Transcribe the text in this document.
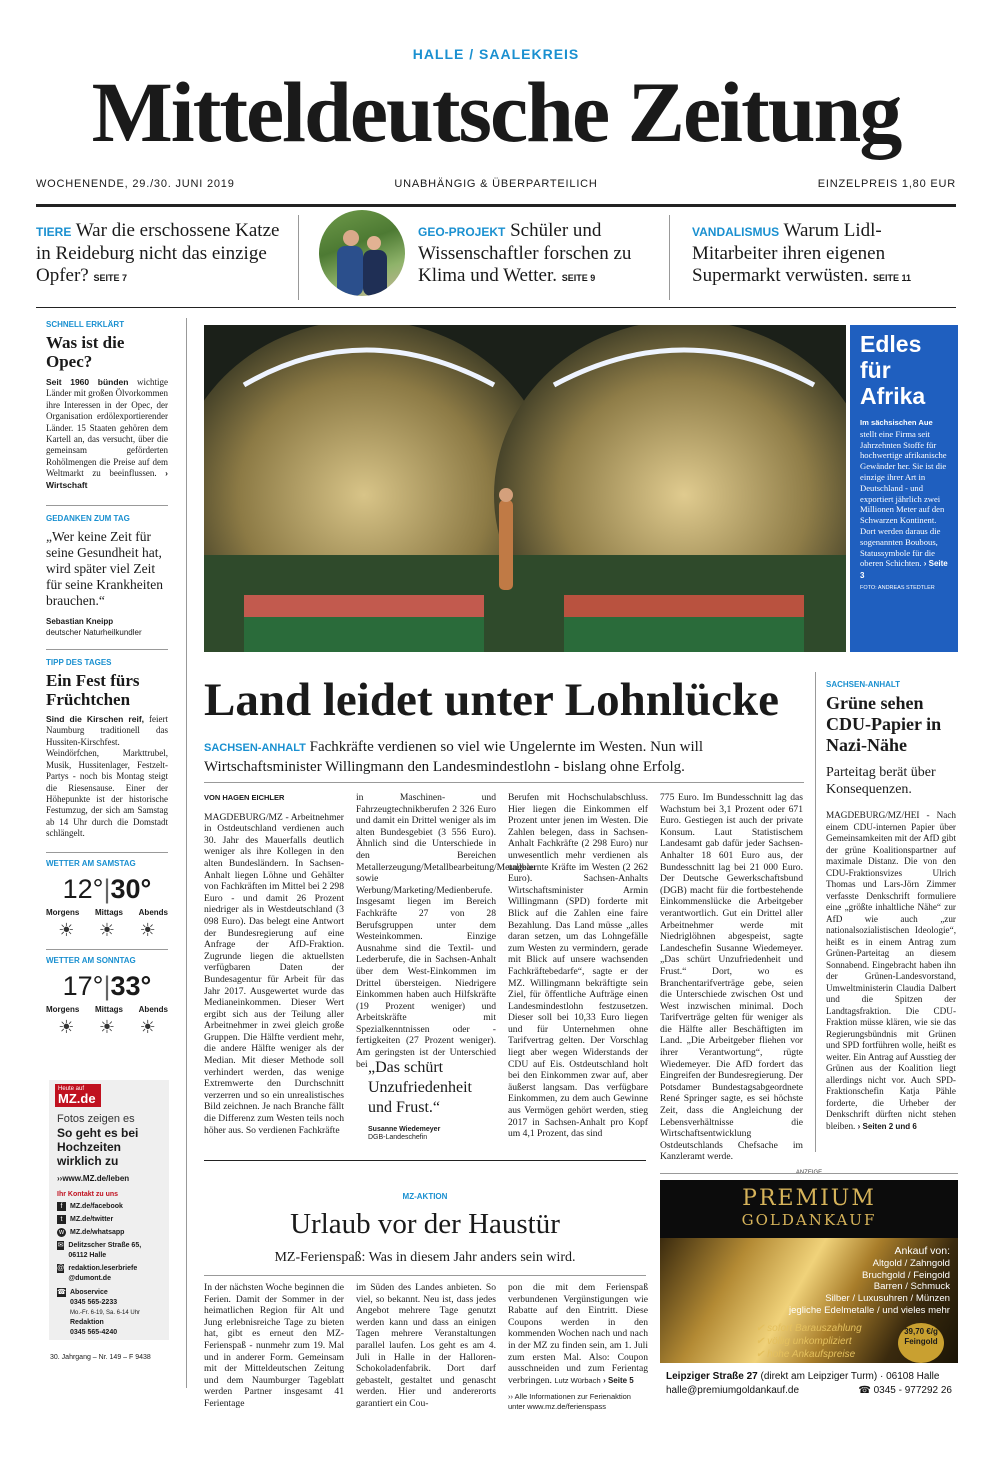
HALLE / SAALEKREIS
Mitteldeutsche Zeitung
WOCHENENDE, 29./30. JUNI 2019	UNABHÄNGIG & ÜBERPARTEILICH	EINZELPREIS 1,80 EUR
TIERE War die erschossene Katze in Reideburg nicht das einzige Opfer? SEITE 7
GEO-PROJEKT Schüler und Wissenschaftler forschen zu Klima und Wetter. SEITE 9
VANDALISMUS Warum Lidl-Mitarbeiter ihren eigenen Supermarkt verwüsten. SEITE 11
SCHNELL ERKLÄRT
Was ist die Opec?
Seit 1960 bünden wichtige Länder mit großen Ölvorkommen ihre Interessen in der Opec, der Organisation erdölexportierender Länder. 15 Staaten gehören dem Kartell an, das versucht, über die gemeinsam geförderten Rohölmengen die Preise auf dem Weltmarkt zu beeinflussen. › Wirtschaft
GEDANKEN ZUM TAG
„Wer keine Zeit für seine Gesundheit hat, wird später viel Zeit für seine Krankheiten brauchen.“
Sebastian Kneipp
deutscher Naturheilkundler
TIPP DES TAGES
Ein Fest fürs Früchtchen
Sind die Kirschen reif, feiert Naumburg traditionell das Hussiten-Kirschfest. Weindörfchen, Markttrubel, Musik, Hussitenlager, Festzelt-Partys - noch bis Montag steigt die Riesensause. Einer der Höhepunkte ist der historische Festumzug, der sich am Samstag ab 14 Uhr durch die Domstadt schlängelt.
WETTER AM SAMSTAG
12°|30°
Morgens Mittags Abends
☀ ☀ ☀
WETTER AM SONNTAG
17°|33°
Morgens Mittags Abends
☀ ☀ ☀
Heute auf
MZ.de
Fotos zeigen es
So geht es bei Hochzeiten wirklich zu
››www.MZ.de/leben
Ihr Kontakt zu uns
f	MZ.de/facebook
t	MZ.de/twitter
w MZ.de/whatsapp
✉ Delitzscher Straße 65, 06112 Halle
@ redaktion.leserbriefe @dumont.de
☎ Aboservice
0345 565-2233
Mo.-Fr. 6-19, Sa. 6-14 Uhr
Redaktion
0345 565-4240
30. Jahrgang – Nr. 149 – F 9438
Edles für Afrika
Im sächsischen Aue stellt eine Firma seit Jahrzehnten Stoffe für hochwertige afrikanische Gewänder her. Sie ist die einzige ihrer Art in Deutschland - und exportiert jährlich zwei Millionen Meter auf den Schwarzen Kontinent. Dort werden daraus die sogenannten Boubous, Statussymbole für die oberen Schichten. › Seite 3
FOTO: ANDREAS STEDTLER
Land leidet unter Lohnlücke
SACHSEN-ANHALT Fachkräfte verdienen so viel wie Ungelernte im Westen. Nun will Wirtschaftsminister Willingmann den Landesmindestlohn - bislang ohne Erfolg.
VON HAGEN EICHLER
MAGDEBURG/MZ - Arbeitnehmer in Ostdeutschland verdienen auch 30. Jahr des Mauerfalls deutlich weniger als ihre Kollegen in den alten Bundesländern. In Sachsen-Anhalt liegen Löhne und Gehälter von Fachkräften im Mittel bei 2 298 Euro - und damit 26 Prozent niedriger als in Westdeutschland (3 098 Euro). Das belegt eine Antwort der Bundesregierung auf eine Anfrage der AfD-Fraktion. Zugrunde liegen die aktuellsten verfügbaren Daten der Bundesagentur für Arbeit für das Jahr 2017. Ausgewertet wurde das Medianeinkommen. Dieser Wert ergibt sich aus der Teilung aller Arbeitnehmer in zwei gleich große Gruppen. Die Hälfte verdient mehr, die andere Hälfte weniger als der Median. Mit dieser Methode soll verhindert werden, das wenige Extremwerte den Durchschnitt verzerren und so ein unrealistisches Bild zeichnen. Je nach Branche fällt die Differenz zum Westen teils noch höher aus. So verdienen Fachkräfte
in Maschinen- und Fahrzeugtechnikberufen 2 326 Euro und damit ein Drittel weniger als im alten Bundesgebiet (3 556 Euro). Ähnlich sind die Unterschiede in den Bereichen Metallerzeugung/Metallbearbeitung/Metallbau sowie Werbung/Marketing/Medienberufe. Insgesamt liegen im Bereich Fachkräfte 27 von 28 Berufsgruppen unter dem Westeinkommen. Einzige Ausnahme sind die Textil- und Lederberufe, die in Sachsen-Anhalt über dem West-Einkommen im Drittel übersteigen. Niedrigere Einkommen haben auch Hilfskräfte (19 Prozent weniger) und Arbeitskräfte mit Spezialkenntnissen oder -fertigkeiten (27 Prozent weniger). Am geringsten ist der Unterschied bei „Das schürt Unzufriedenheit und Frust.“
Susanne Wiedemeyer
DGB-Landeschefin
Berufen mit Hochschulabschluss. Hier liegen die Einkommen elf Prozent unter jenen im Westen. Die Zahlen belegen, dass in Sachsen-Anhalt Fachkräfte (2 298 Euro) nur unwesentlich mehr verdienen als ungelernte Kräfte im Westen (2 262 Euro). Sachsen-Anhalts Wirtschaftsminister Armin Willingmann (SPD) forderte mit Blick auf die Zahlen eine faire Bezahlung. Das Land müsse „alles daran setzen, um das Lohngefälle zum Westen zu vermindern, gerade mit Blick auf unsere wachsenden Fachkräftebedarfe“, sagte er der MZ. Willingmann bekräftigte sein Ziel, für öffentliche Aufträge einen Landesmindestlohn festzusetzen. Dieser soll bei 10,33 Euro liegen und für Unternehmen ohne Tarifvertrag gelten. Der Vorschlag liegt aber wegen Widerstands der CDU auf Eis. Ostdeutschland holt bei den Einkommen zwar auf, aber äußerst langsam. Das verfügbare Einkommen, zu dem auch Gewinne aus Vermögen gehört werden, stieg 2017 in Sachsen-Anhalt pro Kopf um 4,1 Prozent, das sind
775 Euro. Im Bundesschnitt lag das Wachstum bei 3,1 Prozent oder 671 Euro. Gestiegen ist auch der private Konsum. Laut Statistischem Landesamt gab dafür jeder Sachsen-Anhalter 18 601 Euro aus, der Bundesschnitt lag bei 21 000 Euro. Der Deutsche Gewerkschaftsbund (DGB) macht für die fortbestehende Einkommenslücke die Arbeitgeber verantwortlich. Gut ein Drittel aller Arbeitnehmer werde mit Niedriglöhnen abgespeist, sagte Landeschefin Susanne Wiedemeyer. „Das schürt Unzufriedenheit und Frust.“ Dort, wo es Branchentarifverträge gebe, seien die Unterschiede zwischen Ost und West inzwischen minimal. Doch Tarifverträge gelten für weniger als die Hälfte aller Beschäftigten im Land. „Die Arbeitgeber fliehen vor ihrer Verantwortung“, rügte Wiedemeyer. Die AfD fordert das Eingreifen der Bundesregierung. Der Potsdamer Bundestagsabgeordnete René Springer sagte, es sei höchste Zeit, dass die Angleichung der Lebensverhältnisse die Wirtschaftsentwicklung Ostdeutschlands Chefsache im Kanzleramt werde.
SACHSEN-ANHALT
Grüne sehen CDU-Papier in Nazi-Nähe
Parteitag berät über Konsequenzen.
MAGDEBURG/MZ/HEI - Nach einem CDU-internen Papier über Gemeinsamkeiten mit der AfD gibt der grüne Koalitionspartner auf maximale Distanz. Die von den CDU-Fraktionsvizes Ulrich Thomas und Lars-Jörn Zimmer verfasste Denkschrift formuliere eine „größte inhaltliche Nähe“ zur AfD wie auch „zur nationalsozialistischen Ideologie“, heißt es in einem Antrag zum Grünen-Parteitag an diesem Sonnabend. Eingebracht haben ihn der Grünen-Landesvorstand, Umweltministerin Claudia Dalbert und die Spitzen der Landtagsfraktion. Die CDU-Fraktion müsse klären, wie sie das Regierungsbündnis mit Grünen und SPD fortführen wolle, heißt es weiter. Ein Antrag auf Ausstieg der Grünen aus der Koalition liegt allerdings nicht vor. Auch SPD-Fraktionschefin Katja Pähle forderte, die Urheber der Denkschrift dürften nicht stehen bleiben. › Seiten 2 und 6
MZ-AKTION
Urlaub vor der Haustür
MZ-Ferienspaß: Was in diesem Jahr anders sein wird.
In der nächsten Woche beginnen die Ferien. Damit der Sommer in der heimatlichen Region für Alt und Jung erlebnisreiche Tage zu bieten hat, gibt es erneut den MZ-Ferienspaß - nunmehr zum 19. Mal und in anderer Form. Gemeinsam mit der Mitteldeutschen Zeitung und dem Naumburger Tageblatt werden Partner insgesamt 41 Ferientage
im Süden des Landes anbieten. So viel, so bekannt. Neu ist, dass jedes Angebot mehrere Tage genutzt werden kann und dass an einigen Tagen mehrere Veranstaltungen parallel laufen. Los geht es am 4. Juli in Halle in der Halloren-Schokoladenfabrik. Dort darf gebastelt, gestaltet und genascht werden. Hier und andererorts garantiert ein Cou-
pon die mit dem Ferienspaß verbundenen Vergünstigungen wie Rabatte auf den Eintritt. Diese Coupons werden in den kommenden Wochen nach und nach in der MZ zu finden sein, am 1. Juli zum ersten Mal. Also: Coupon ausschneiden und zum Ferientag verbringen. Lutz Würbach › Seite 5
›› Alle Informationen zur Ferienaktion unter www.mz.de/ferienspass
PREMIUM
GOLDANKAUF
Ankauf von:
Altgold / Zahngold
Bruchgold / Feingold
Barren / Schmuck
Silber / Luxusuhren / Münzen
jegliche Edelmetalle / und vieles mehr
✔ sofort Barauszahlung
✔ völlig unkompliziert
✔ hohe Ankaufspreise
39,70 €/g Feingold
Leipziger Straße 27 (direkt am Leipziger Turm) · 06108 Halle
halle@premiumgoldankauf.de	☎ 0345 - 977292 26
